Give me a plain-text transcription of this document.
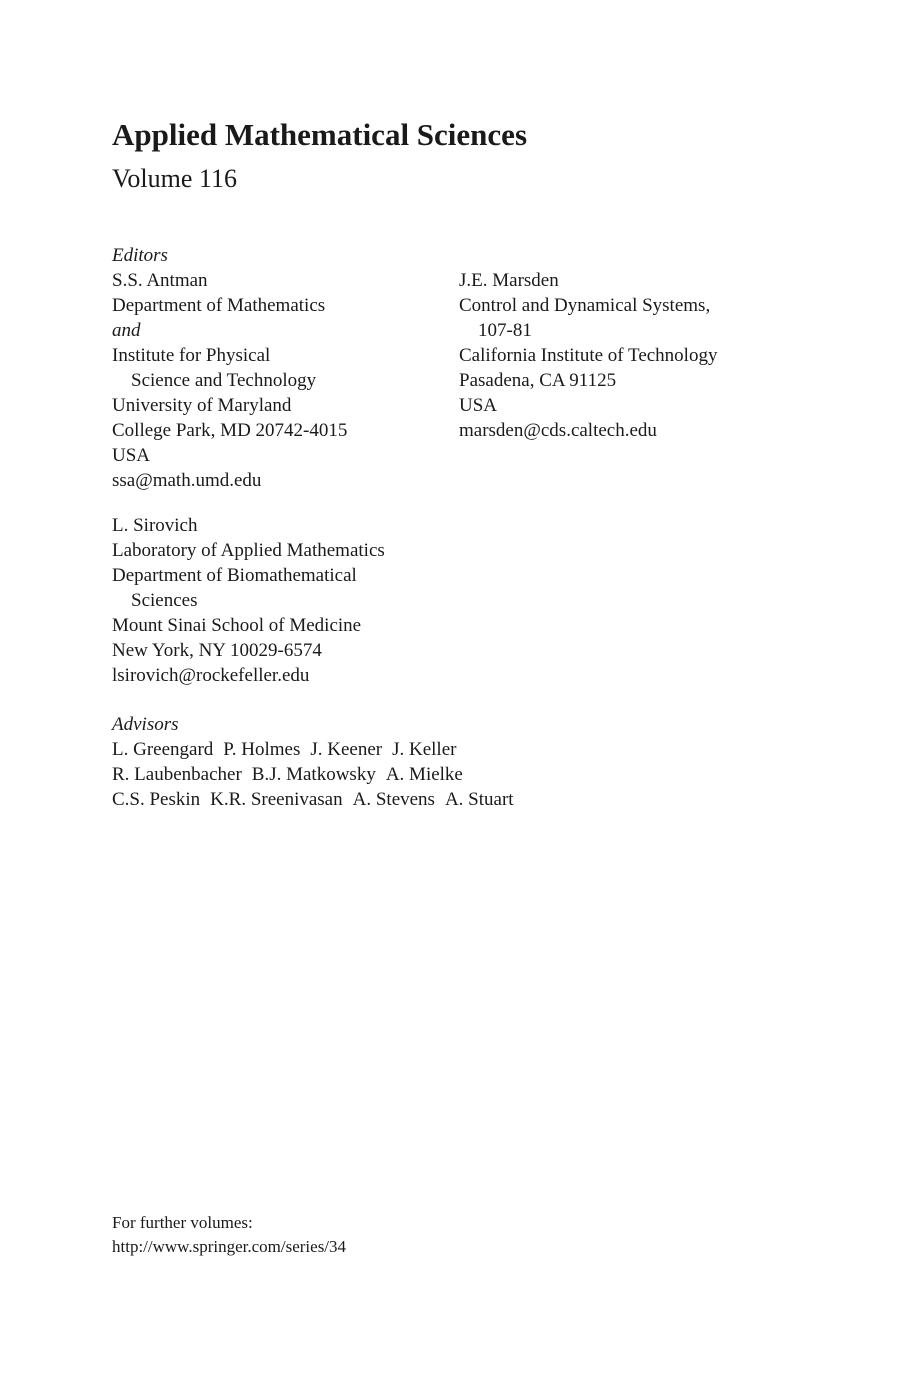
Applied Mathematical Sciences
Volume 116
Editors
S.S. Antman
Department of Mathematics
and
Institute for Physical
Science and Technology
University of Maryland
College Park, MD 20742-4015
USA
ssa@math.umd.edu
J.E. Marsden
Control and Dynamical Systems,
107-81
California Institute of Technology
Pasadena, CA 91125
USA
marsden@cds.caltech.edu
L. Sirovich
Laboratory of Applied Mathematics
Department of Biomathematical
Sciences
Mount Sinai School of Medicine
New York, NY 10029-6574
lsirovich@rockefeller.edu
Advisors
L. Greengard P. Holmes J. Keener J. Keller
R. Laubenbacher B.J. Matkowsky A. Mielke
C.S. Peskin K.R. Sreenivasan A. Stevens A. Stuart
For further volumes:
http://www.springer.com/series/34
